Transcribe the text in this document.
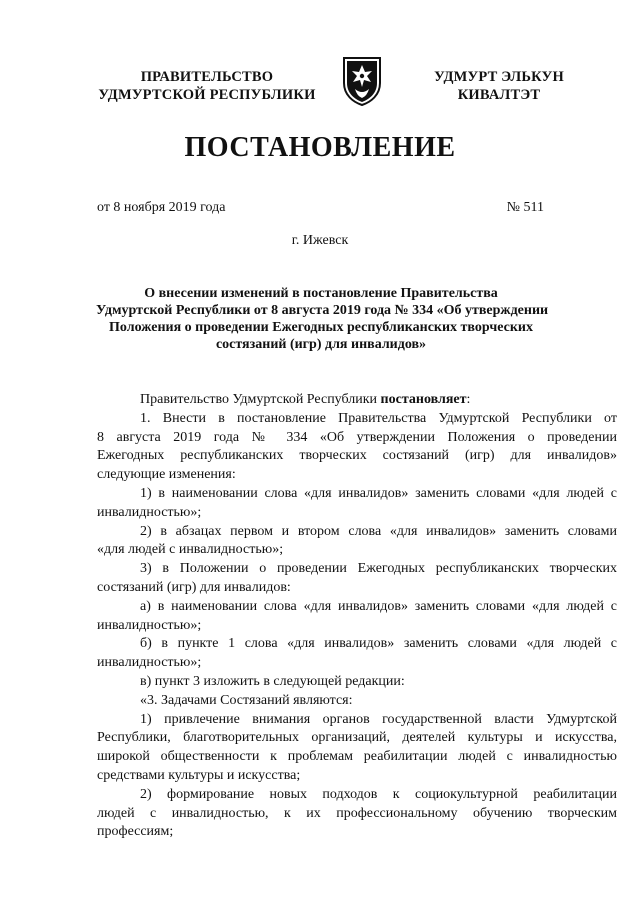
ПРАВИТЕЛЬСТВО
УДМУРТСКОЙ РЕСПУБЛИКИ
УДМУРТ ЭЛЬКУН
КИВАЛТЭТ
ПОСТАНОВЛЕНИЕ
от 8 ноября 2019 года	№ 511
г. Ижевск
О внесении изменений в постановление Правительства
Удмуртской Республики от 8 августа 2019 года № 334 «Об утверждении
Положения о проведении Ежегодных республиканских творческих
состязаний (игр) для инвалидов»
Правительство Удмуртской Республики постановляет:
1. Внести в постановление Правительства Удмуртской Республики от
8 августа 2019 года № 334 «Об утверждении Положения о проведении
Ежегодных республиканских творческих состязаний (игр) для инвалидов»
следующие изменения:
1) в наименовании слова «для инвалидов» заменить словами «для людей с
инвалидностью»;
2) в абзацах первом и втором слова «для инвалидов» заменить словами
«для людей с инвалидностью»;
3) в Положении о проведении Ежегодных республиканских творческих
состязаний (игр) для инвалидов:
а) в наименовании слова «для инвалидов» заменить словами «для людей с
инвалидностью»;
б) в пункте 1 слова «для инвалидов» заменить словами «для людей с
инвалидностью»;
в) пункт 3 изложить в следующей редакции:
«3. Задачами Состязаний являются:
1) привлечение внимания органов государственной власти Удмуртской
Республики, благотворительных организаций, деятелей культуры и искусства,
широкой общественности к проблемам реабилитации людей с инвалидностью
средствами культуры и искусства;
2) формирование новых подходов к социокультурной реабилитации
людей с инвалидностью, к их профессиональному обучению творческим
профессиям;
